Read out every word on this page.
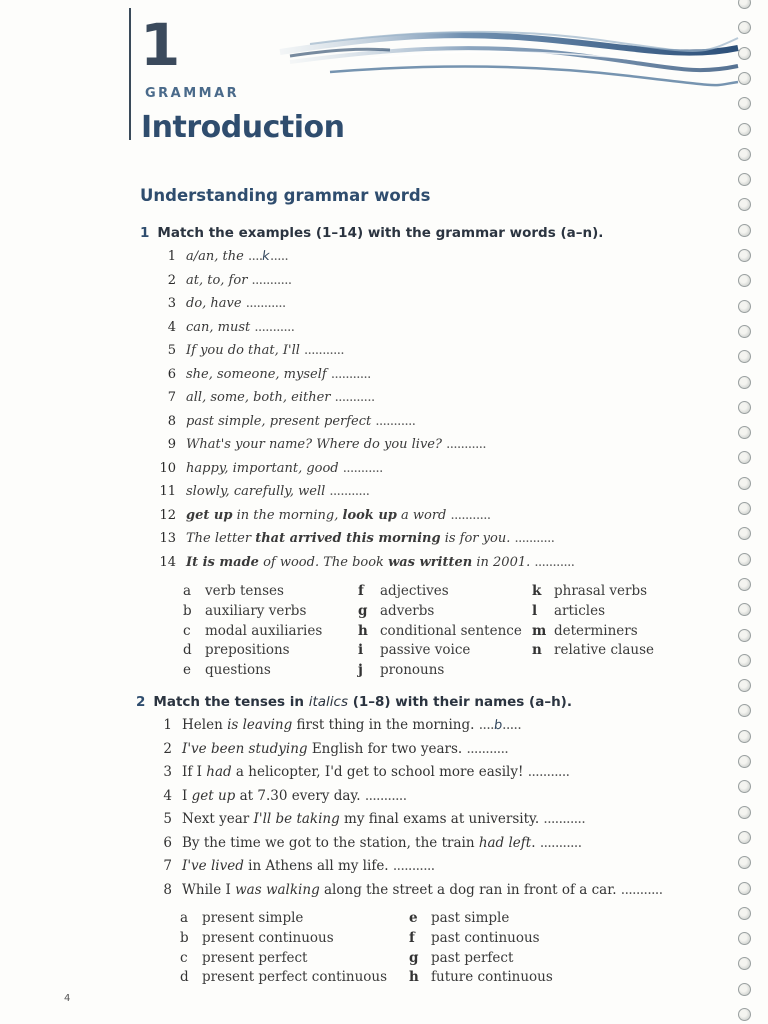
1
GRAMMAR
Introduction
Understanding grammar words
1 Match the examples (1–14) with the grammar words (a–n).
1 a/an, the ....k.....
2 at, to, for ...........
3 do, have ...........
4 can, must ...........
5 If you do that, I'll ...........
6 she, someone, myself ...........
7 all, some, both, either ...........
8 past simple, present perfect ...........
9 What's your name? Where do you live? ...........
10 happy, important, good ...........
11 slowly, carefully, well ...........
12 get up in the morning, look up a word ...........
13 The letter that arrived this morning is for you. ...........
14 It is made of wood. The book was written in 2001. ...........
a verb tenses
b auxiliary verbs
c modal auxiliaries
d prepositions
e questions
f adjectives
g adverbs
h conditional sentence
i passive voice
j pronouns
k phrasal verbs
l articles
m determiners
n relative clause
2 Match the tenses in italics (1–8) with their names (a–h).
1 Helen is leaving first thing in the morning. ....b.....
2 I've been studying English for two years. ...........
3 If I had a helicopter, I'd get to school more easily! ...........
4 I get up at 7.30 every day. ...........
5 Next year I'll be taking my final exams at university. ...........
6 By the time we got to the station, the train had left. ...........
7 I've lived in Athens all my life. ...........
8 While I was walking along the street a dog ran in front of a car. ...........
a present simple
b present continuous
c present perfect
d present perfect continuous
e past simple
f past continuous
g past perfect
h future continuous
4
